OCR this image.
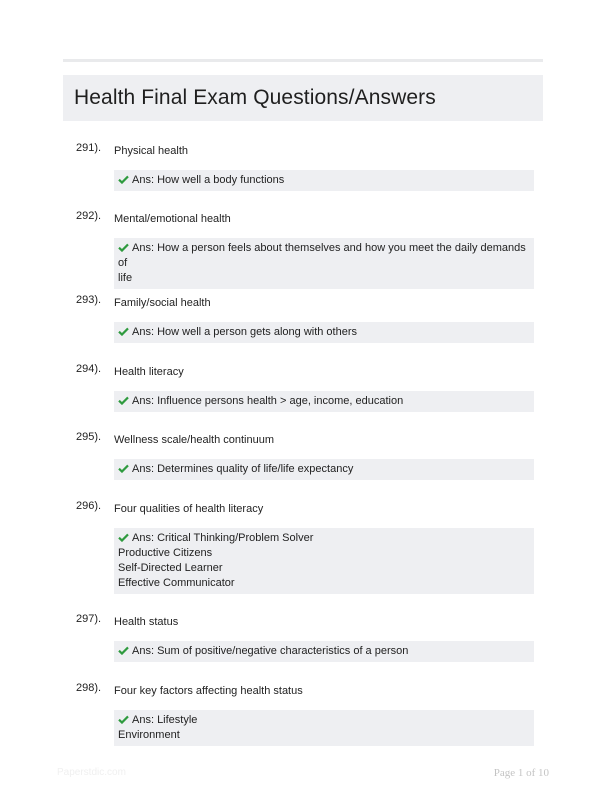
Health Final Exam Questions/Answers
291). Physical health
Ans: How well a body functions
292). Mental/emotional health
Ans: How a person feels about themselves and how you meet the daily demands of
life
293). Family/social health
Ans: How well a person gets along with others
294). Health literacy
Ans: Influence persons health > age, income, education
295). Wellness scale/health continuum
Ans: Determines quality of life/life expectancy
296). Four qualities of health literacy
Ans: Critical Thinking/Problem Solver
Productive Citizens
Self-Directed Learner
Effective Communicator
297). Health status
Ans: Sum of positive/negative characteristics of a person
298). Four key factors affecting health status
Ans: Lifestyle
Environment
Paperstdic.com	Page 1 of 10
